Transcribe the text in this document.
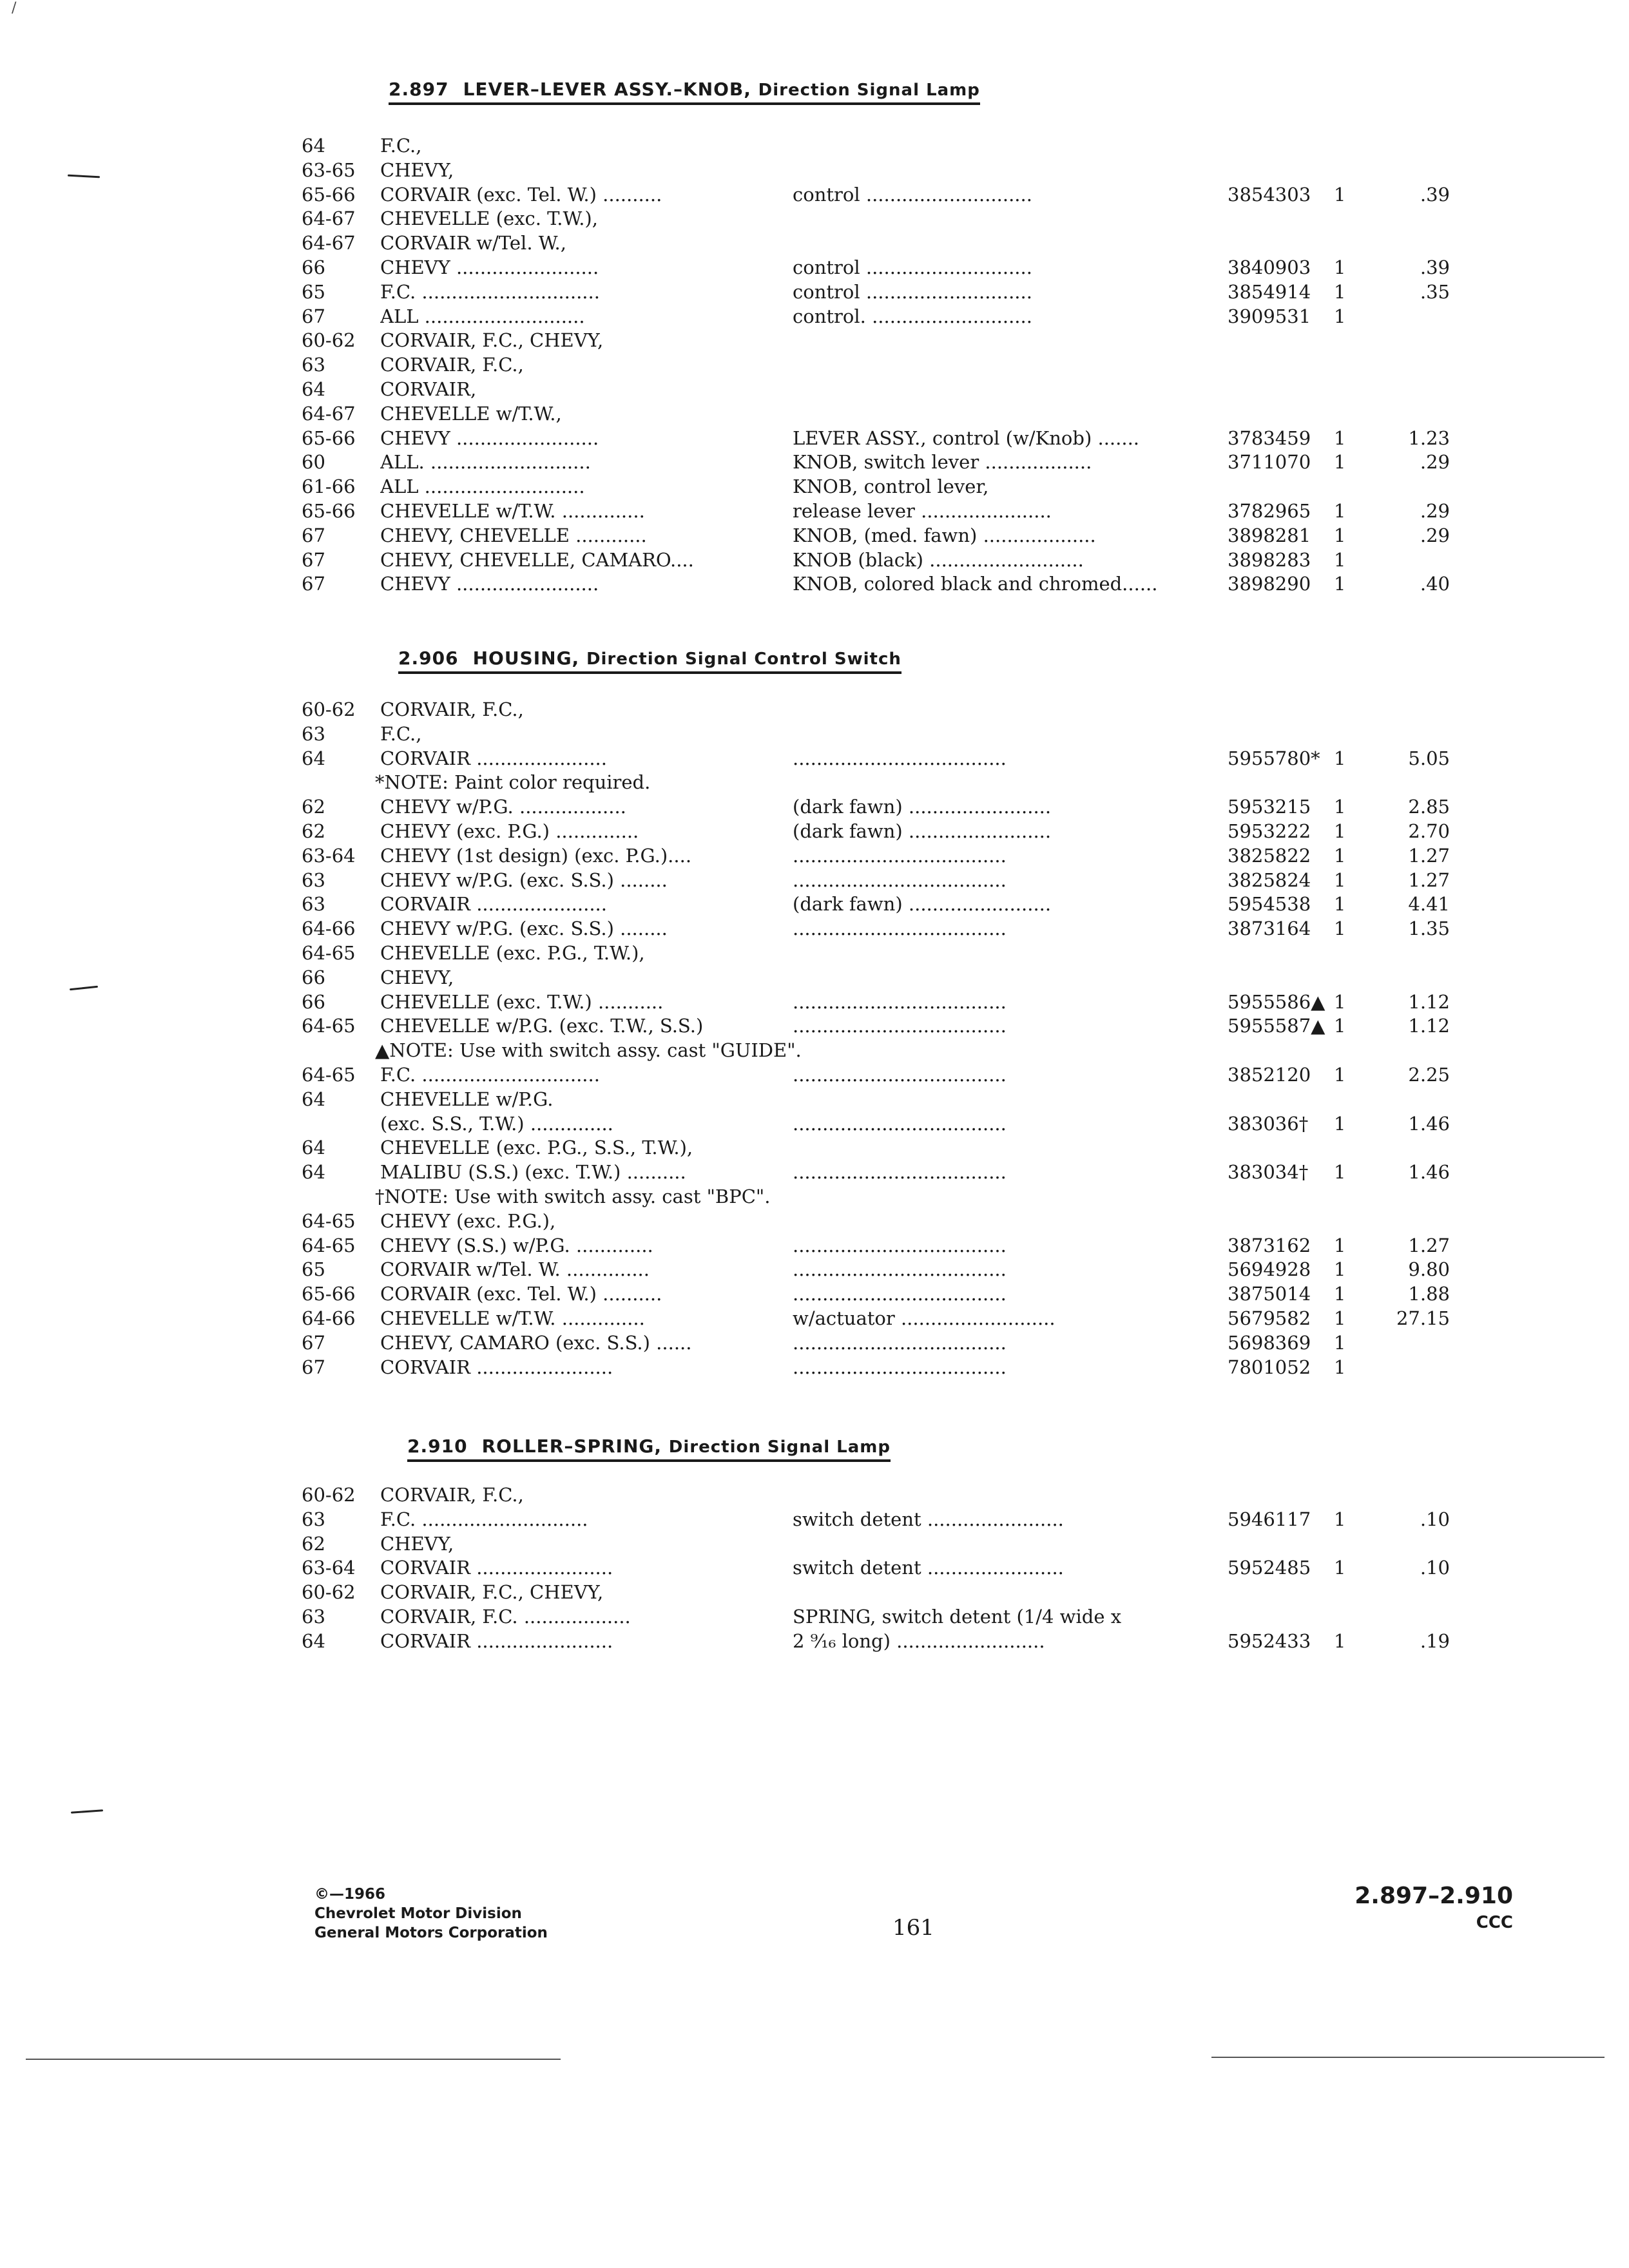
/
2.897 LEVER–LEVER ASSY.–KNOB, Direction Signal Lamp
64	F.C.,
63-65	CHEVY,
65-66	CORVAIR (exc. Tel. W.) ..........	control ............................	3854303 1	.39
64-67	CHEVELLE (exc. T.W.),
64-67	CORVAIR w/Tel. W.,
66	CHEVY ........................	control ............................	3840903 1	.39
65	F.C. ..............................	control ............................	3854914 1	.35
67	ALL ...........................	control. ...........................	3909531 1
60-62	CORVAIR, F.C., CHEVY,
63	CORVAIR, F.C.,
64	CORVAIR,
64-67	CHEVELLE w/T.W.,
65-66	CHEVY ........................	LEVER ASSY., control (w/Knob) .......	3783459 1	1.23
60	ALL. ...........................	KNOB, switch lever ..................	3711070 1	.29
61-66	ALL ...........................	KNOB, control lever,
65-66	CHEVELLE w/T.W. ..............	release lever ......................	3782965 1	.29
67	CHEVY, CHEVELLE ............	KNOB, (med. fawn) ...................	3898281 1	.29
67	CHEVY, CHEVELLE, CAMARO....	KNOB (black) ..........................	3898283 1
67	CHEVY ........................	KNOB, colored black and chromed......	3898290 1	.40
2.906 HOUSING, Direction Signal Control Switch
60-62	CORVAIR, F.C.,
63	F.C.,
64	CORVAIR ......................	....................................	5955780* 1	5.05
*NOTE: Paint color required.
62	CHEVY w/P.G. ..................	(dark fawn) ........................	5953215 1	2.85
62	CHEVY (exc. P.G.) ..............	(dark fawn) ........................	5953222 1	2.70
63-64	CHEVY (1st design) (exc. P.G.)....	....................................	3825822 1	1.27
63	CHEVY w/P.G. (exc. S.S.) ........	....................................	3825824 1	1.27
63	CORVAIR ......................	(dark fawn) ........................	5954538 1	4.41
64-66	CHEVY w/P.G. (exc. S.S.) ........	....................................	3873164 1	1.35
64-65	CHEVELLE (exc. P.G., T.W.),
66	CHEVY,
66	CHEVELLE (exc. T.W.) ...........	....................................	5955586▲ 1	1.12
64-65	CHEVELLE w/P.G. (exc. T.W., S.S.)	....................................	5955587▲ 1	1.12
▲NOTE: Use with switch assy. cast "GUIDE".
64-65	F.C. ..............................	....................................	3852120 1	2.25
64	CHEVELLE w/P.G.
(exc. S.S., T.W.) ..............	....................................	383036† 1	1.46
64	CHEVELLE (exc. P.G., S.S., T.W.),
64	MALIBU (S.S.) (exc. T.W.) ..........	....................................	383034† 1	1.46
†NOTE: Use with switch assy. cast "BPC".
64-65	CHEVY (exc. P.G.),
64-65	CHEVY (S.S.) w/P.G. .............	....................................	3873162 1	1.27
65	CORVAIR w/Tel. W. ..............	....................................	5694928 1	9.80
65-66	CORVAIR (exc. Tel. W.) ..........	....................................	3875014 1	1.88
64-66	CHEVELLE w/T.W. ..............	w/actuator ..........................	5679582 1	27.15
67	CHEVY, CAMARO (exc. S.S.) ......	....................................	5698369 1
67	CORVAIR .......................	....................................	7801052 1
2.910 ROLLER–SPRING, Direction Signal Lamp
60-62	CORVAIR, F.C.,
63	F.C. ............................	switch detent .......................	5946117 1	.10
62	CHEVY,
63-64	CORVAIR .......................	switch detent .......................	5952485 1	.10
60-62	CORVAIR, F.C., CHEVY,
63	CORVAIR, F.C. ..................	SPRING, switch detent (1/4 wide x
64	CORVAIR .......................	2 ⁹⁄₁₆ long) .........................	5952433 1	.19
©—1966
Chevrolet Motor Division
General Motors Corporation	161
2.897–2.910
CCC
